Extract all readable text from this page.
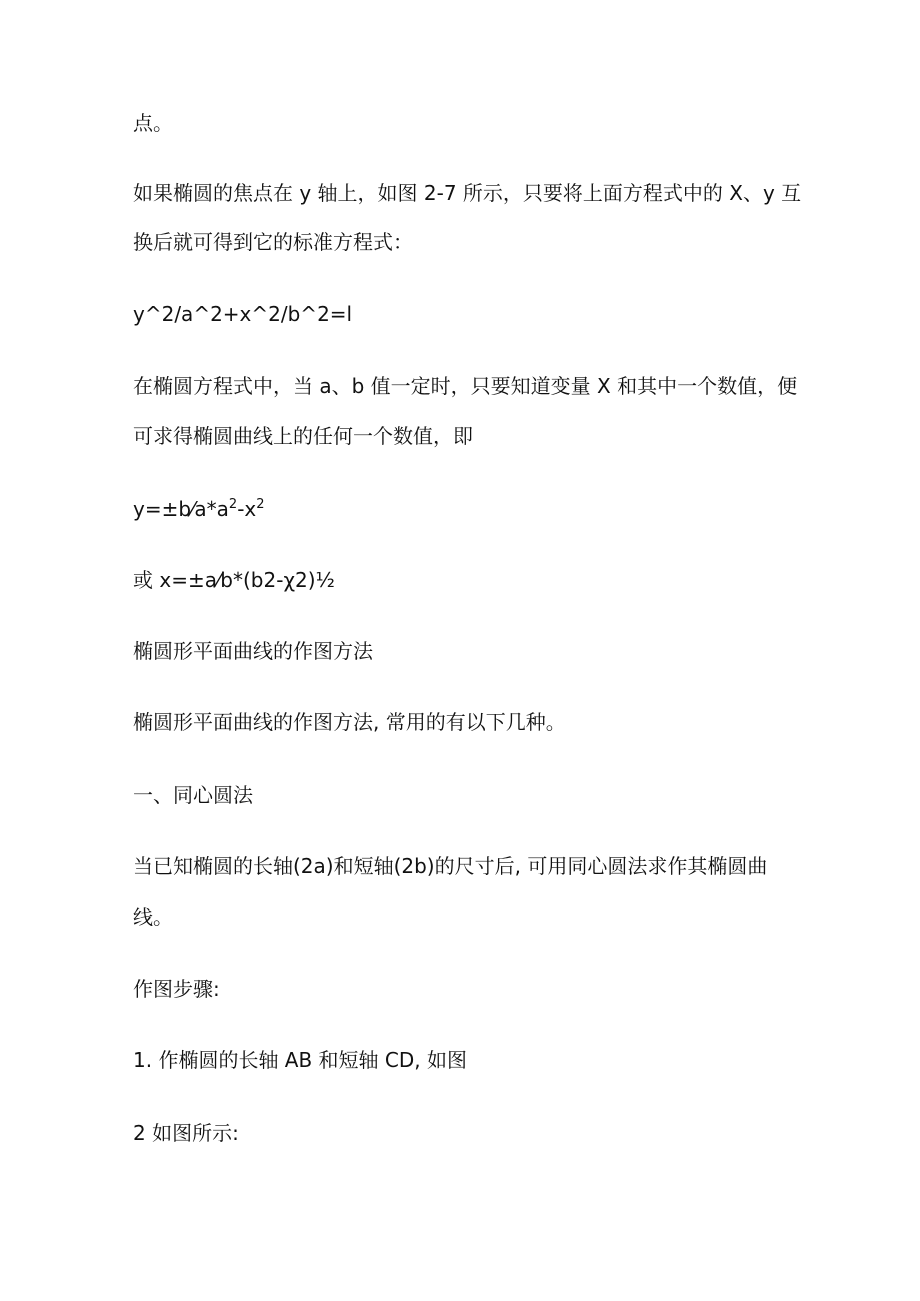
点。
如果椭圆的焦点在 y 轴上，如图 2-7 所示，只要将上面方程式中的 X、y 互
换后就可得到它的标准方程式：
y^2/a^2+x^2/b^2=l
在椭圆方程式中，当 a、b 值一定时，只要知道变量 X 和其中一个数值，便
可求得椭圆曲线上的任何一个数值，即
$y=\pm b⁄a*a^2-x^2$
或 x=±a⁄b*(b2-χ2)½
椭圆形平面曲线的作图方法
椭圆形平面曲线的作图方法, 常用的有以下几种。
一、同心圆法
当已知椭圆的长轴(2a)和短轴(2b)的尺寸后, 可用同心圆法求作其椭圆曲
线。
作图步骤:
1. 作椭圆的长轴 AB 和短轴 CD, 如图
2 如图所示:
